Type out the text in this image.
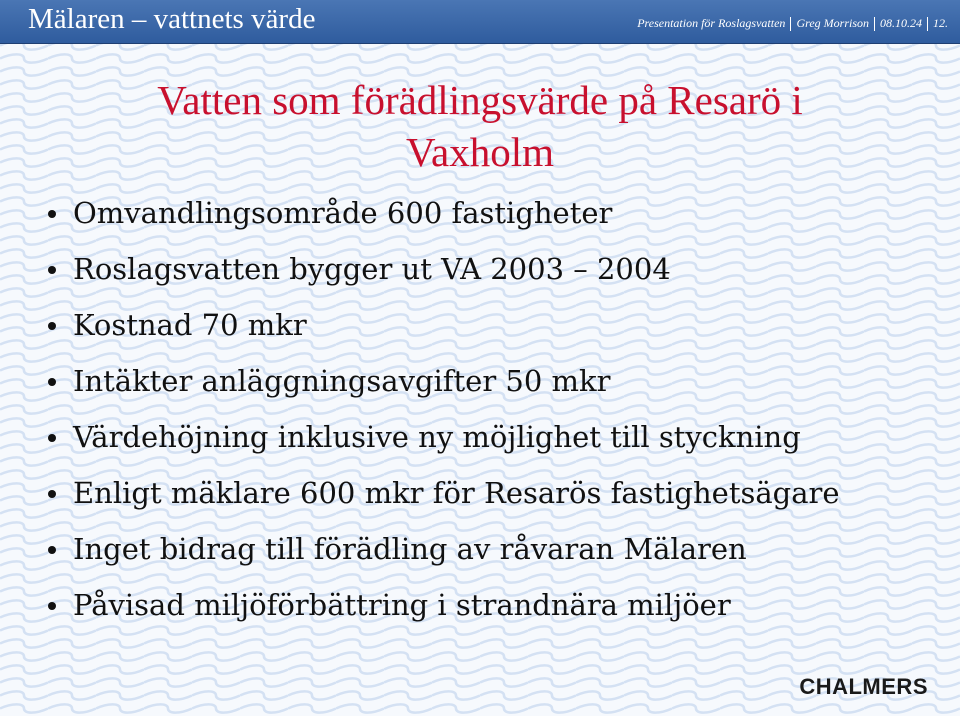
Mälaren – vattnets värde	Presentation för Roslagsvatten Greg Morrison 08.10.24 12.
Vatten som förädlingsvärde på Resarö i
Vaxholm
Omvandlingsområde 600 fastigheter
Roslagsvatten bygger ut VA 2003 – 2004
Kostnad 70 mkr
Intäkter anläggningsavgifter 50 mkr
Värdehöjning inklusive ny möjlighet till styckning
Enligt mäklare 600 mkr för Resarös fastighetsägare
Inget bidrag till förädling av råvaran Mälaren
Påvisad miljöförbättring i strandnära miljöer
CHALMERS
